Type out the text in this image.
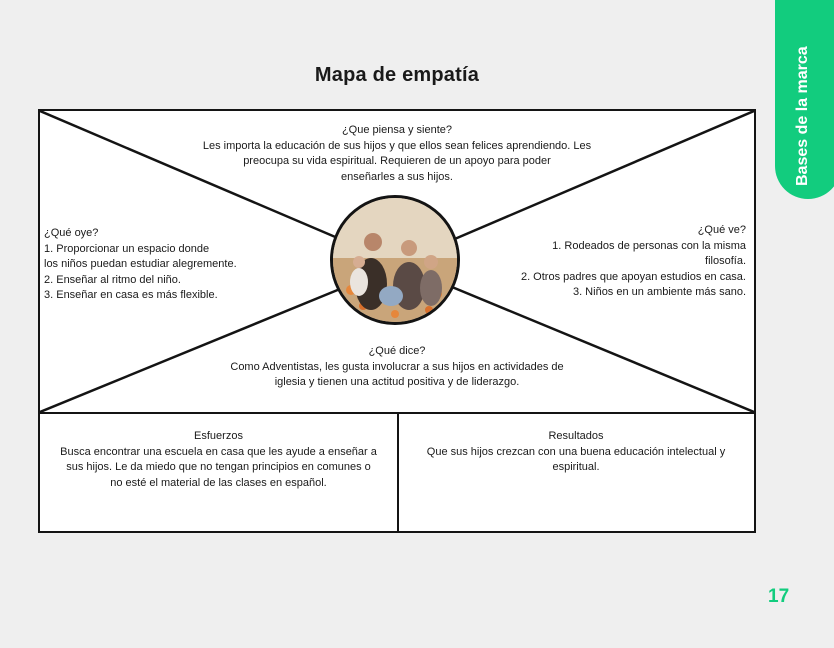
Mapa de empatía	Bases de la marca
¿Que piensa y siente?
Les importa la educación de sus hijos y que ellos sean felices aprendiendo. Les
preocupa su vida espiritual. Requieren de un apoyo para poder
enseñarles a sus hijos.
¿Qué oye?
1. Proporcionar un espacio donde
los niños puedan estudiar alegremente.
2. Enseñar al ritmo del niño.
3. Enseñar en casa es más flexible.
¿Qué ve?
1. Rodeados de personas con la misma
filosofía.
2. Otros padres que apoyan estudios en casa.
3. Niños en un ambiente más sano.
¿Qué dice?
Como Adventistas, les gusta involucrar a sus hijos en actividades de
iglesia y tienen una actitud positiva y de liderazgo.
Esfuerzos
Busca encontrar una escuela en casa que les ayude a enseñar a
sus hijos. Le da miedo que no tengan principios en comunes o
no esté el material de las clases en español.
Resultados
Que sus hijos crezcan con una buena educación intelectual y
espiritual.
17
